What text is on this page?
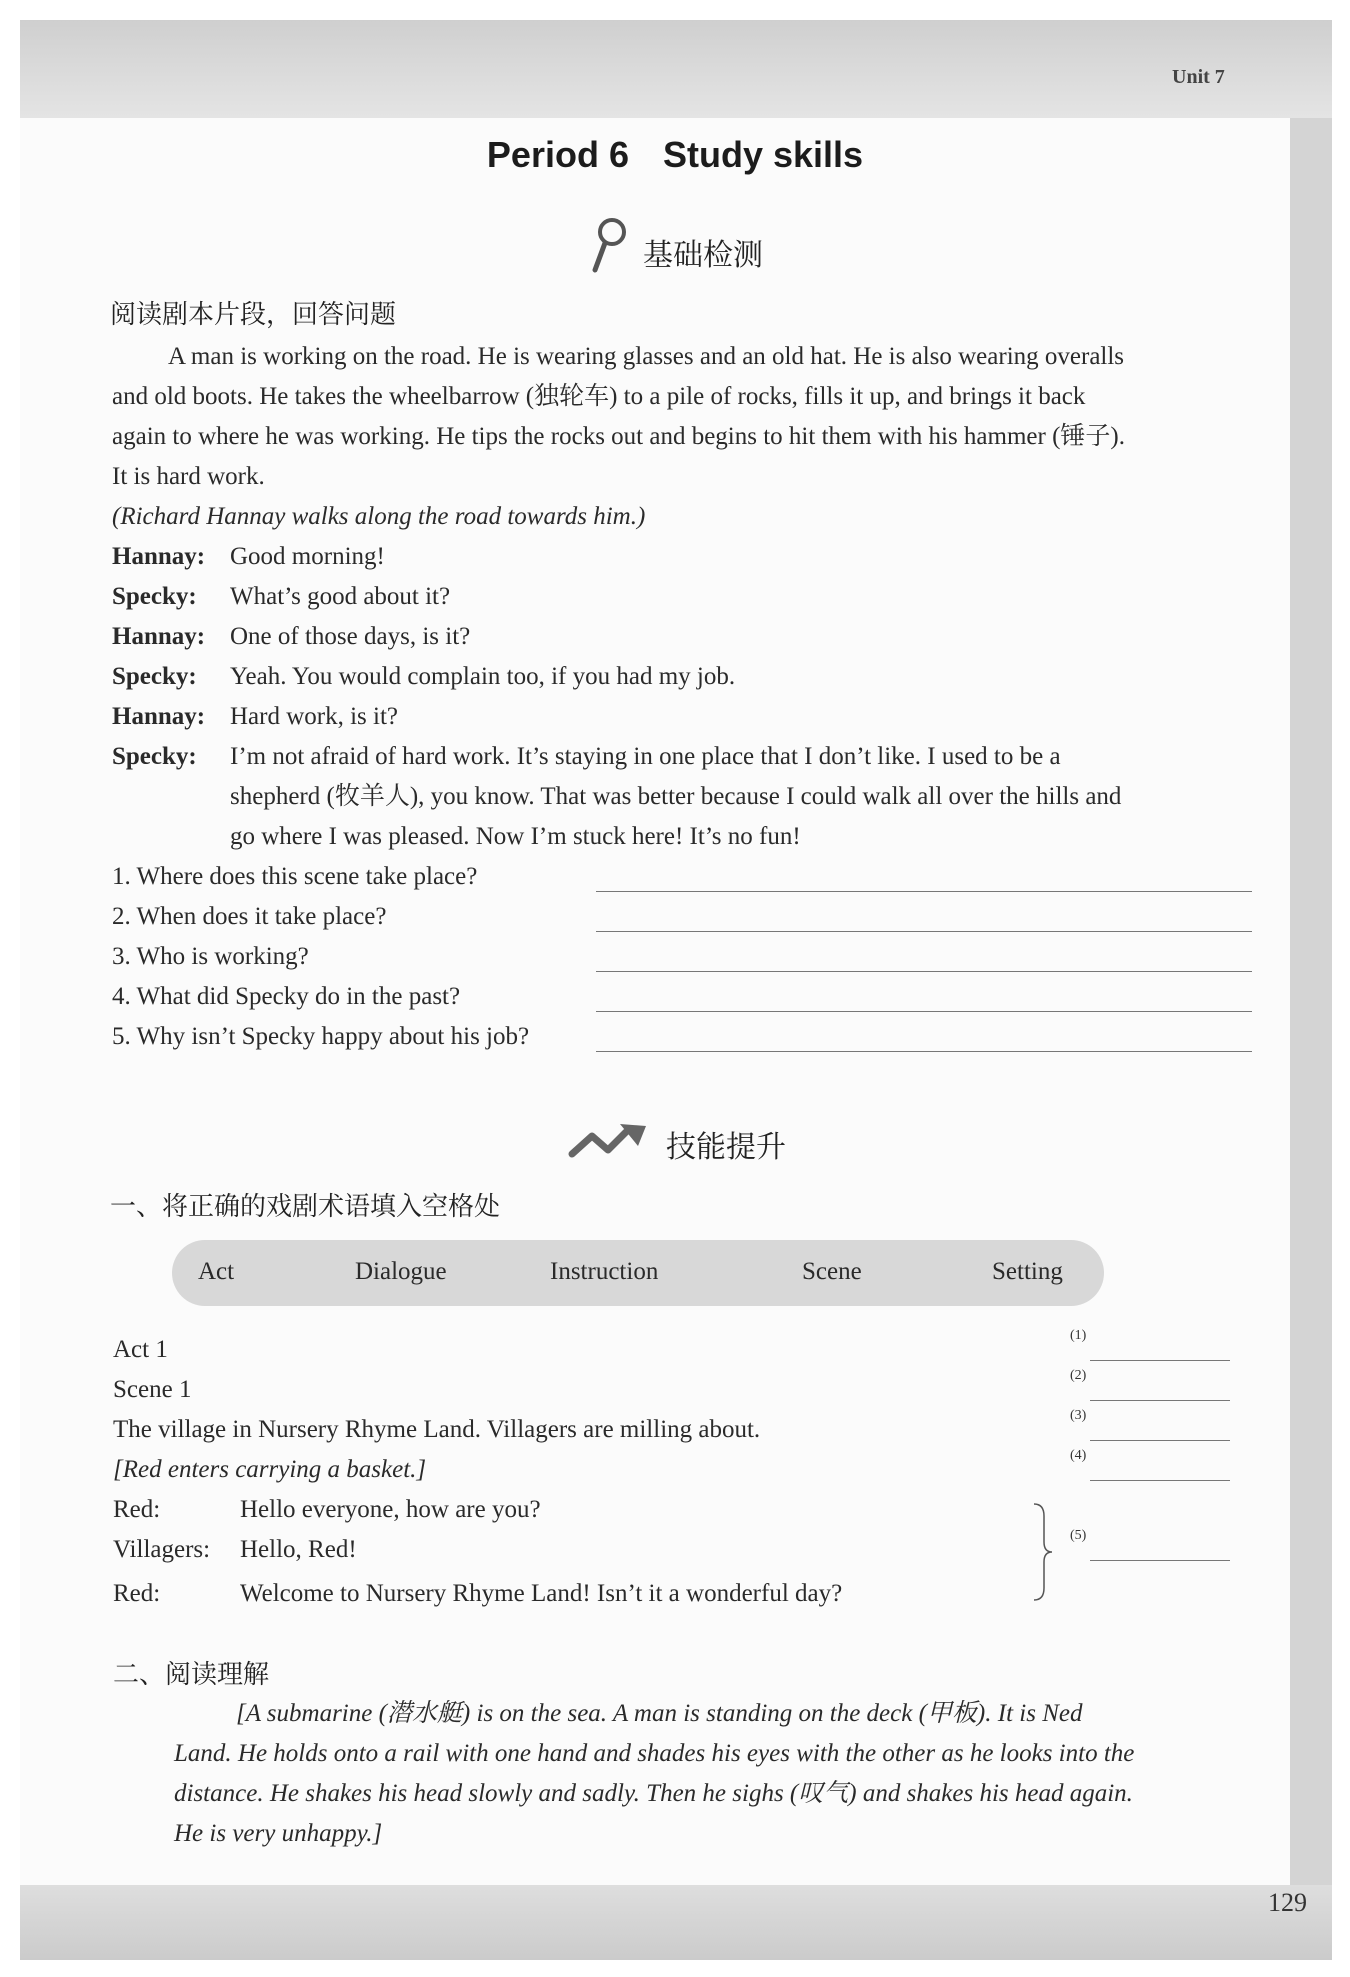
Unit 7
Period 6 Study skills
基础检测
阅读剧本片段，回答问题
A man is working on the road. He is wearing glasses and an old hat. He is also wearing overalls
and old boots. He takes the wheelbarrow (独轮车) to a pile of rocks, fills it up, and brings it back
again to where he was working. He tips the rocks out and begins to hit them with his hammer (锤子).
It is hard work.
(Richard Hannay walks along the road towards him.)
Hannay: Good morning!
Specky: What’s good about it?
Hannay: One of those days, is it?
Specky: Yeah. You would complain too, if you had my job.
Hannay: Hard work, is it?
Specky: I’m not afraid of hard work. It’s staying in one place that I don’t like. I used to be a
shepherd (牧羊人), you know. That was better because I could walk all over the hills and
go where I was pleased. Now I’m stuck here! It’s no fun!
1. Where does this scene take place?
2. When does it take place?
3. Who is working?
4. What did Specky do in the past?
5. Why isn’t Specky happy about his job?
技能提升
一、将正确的戏剧术语填入空格处
Act	Dialogue	Instruction	Scene	Setting
Act 1
Scene 1
The village in Nursery Rhyme Land. Villagers are milling about.
[Red enters carrying a basket.]
Red:	Hello everyone, how are you?
Villagers: Hello, Red!
Red:	Welcome to Nursery Rhyme Land! Isn’t it a wonderful day?
(1)
(2)
(3)
(4)
(5)
二、阅读理解
[A submarine (潜水艇) is on the sea. A man is standing on the deck (甲板). It is Ned
Land. He holds onto a rail with one hand and shades his eyes with the other as he looks into the
distance. He shakes his head slowly and sadly. Then he sighs (叹气) and shakes his head again.
He is very unhappy.]
129
